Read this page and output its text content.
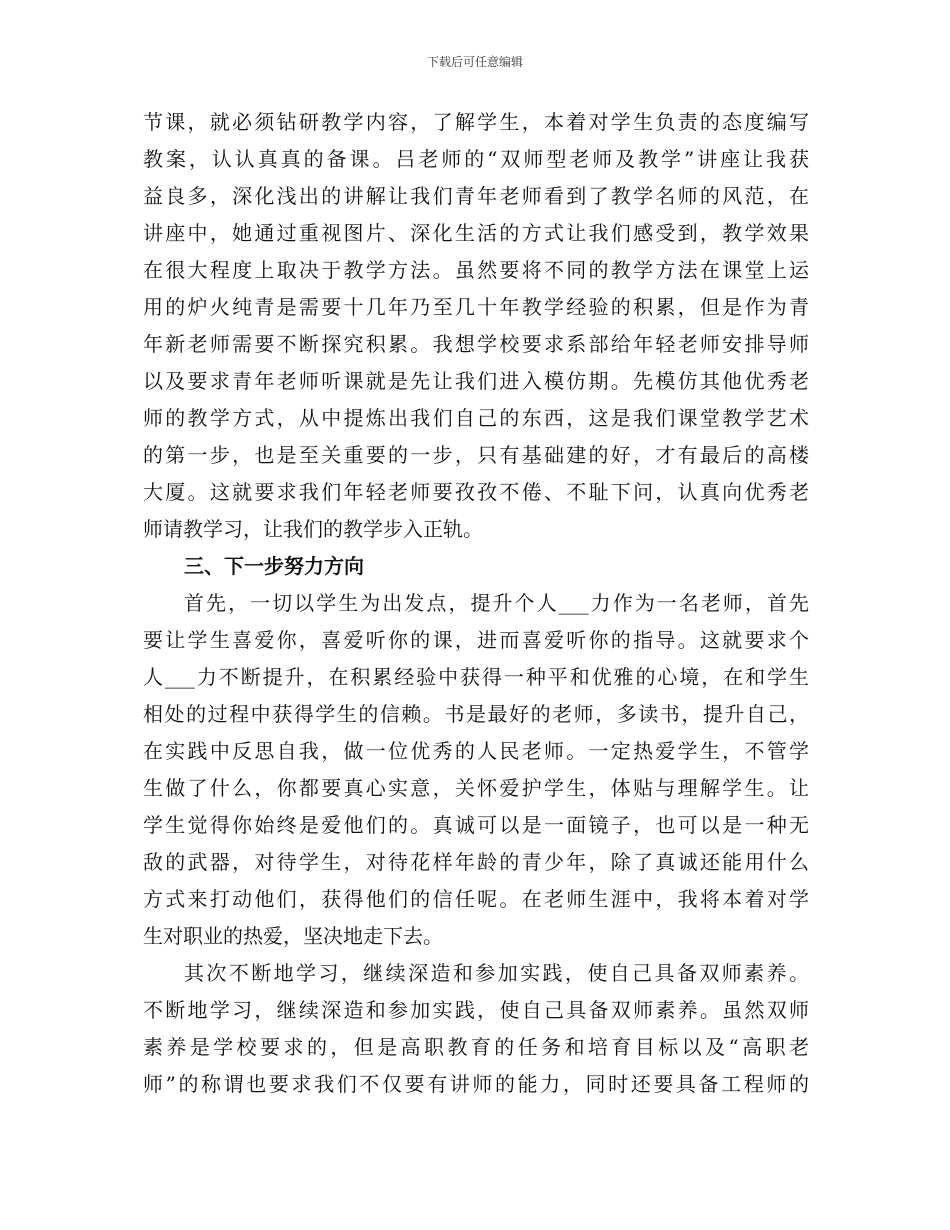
下载后可任意编辑
节课，就必须钻研教学内容，了解学生，本着对学生负责的态度编写
教案，认认真真的备课。吕老师的“双师型老师及教学”讲座让我获
益良多，深化浅出的讲解让我们青年老师看到了教学名师的风范，在
讲座中，她通过重视图片、深化生活的方式让我们感受到，教学效果
在很大程度上取决于教学方法。虽然要将不同的教学方法在课堂上运
用的炉火纯青是需要十几年乃至几十年教学经验的积累，但是作为青
年新老师需要不断探究积累。我想学校要求系部给年轻老师安排导师
以及要求青年老师听课就是先让我们进入模仿期。先模仿其他优秀老
师的教学方式，从中提炼出我们自己的东西，这是我们课堂教学艺术
的第一步，也是至关重要的一步，只有基础建的好，才有最后的高楼
大厦。这就要求我们年轻老师要孜孜不倦、不耻下问，认真向优秀老
师请教学习，让我们的教学步入正轨。
三、下一步努力方向
首先，一切以学生为出发点，提升个人___力作为一名老师，首先
要让学生喜爱你，喜爱听你的课，进而喜爱听你的指导。这就要求个
人___力不断提升，在积累经验中获得一种平和优雅的心境，在和学生
相处的过程中获得学生的信赖。书是最好的老师，多读书，提升自己，
在实践中反思自我，做一位优秀的人民老师。一定热爱学生，不管学
生做了什么，你都要真心实意，关怀爱护学生，体贴与理解学生。让
学生觉得你始终是爱他们的。真诚可以是一面镜子，也可以是一种无
敌的武器，对待学生，对待花样年龄的青少年，除了真诚还能用什么
方式来打动他们，获得他们的信任呢。在老师生涯中，我将本着对学
生对职业的热爱，坚决地走下去。
其次不断地学习，继续深造和参加实践，使自己具备双师素养。
不断地学习，继续深造和参加实践，使自己具备双师素养。虽然双师
素养是学校要求的，但是高职教育的任务和培育目标以及“高职老
师”的称谓也要求我们不仅要有讲师的能力，同时还要具备工程师的
